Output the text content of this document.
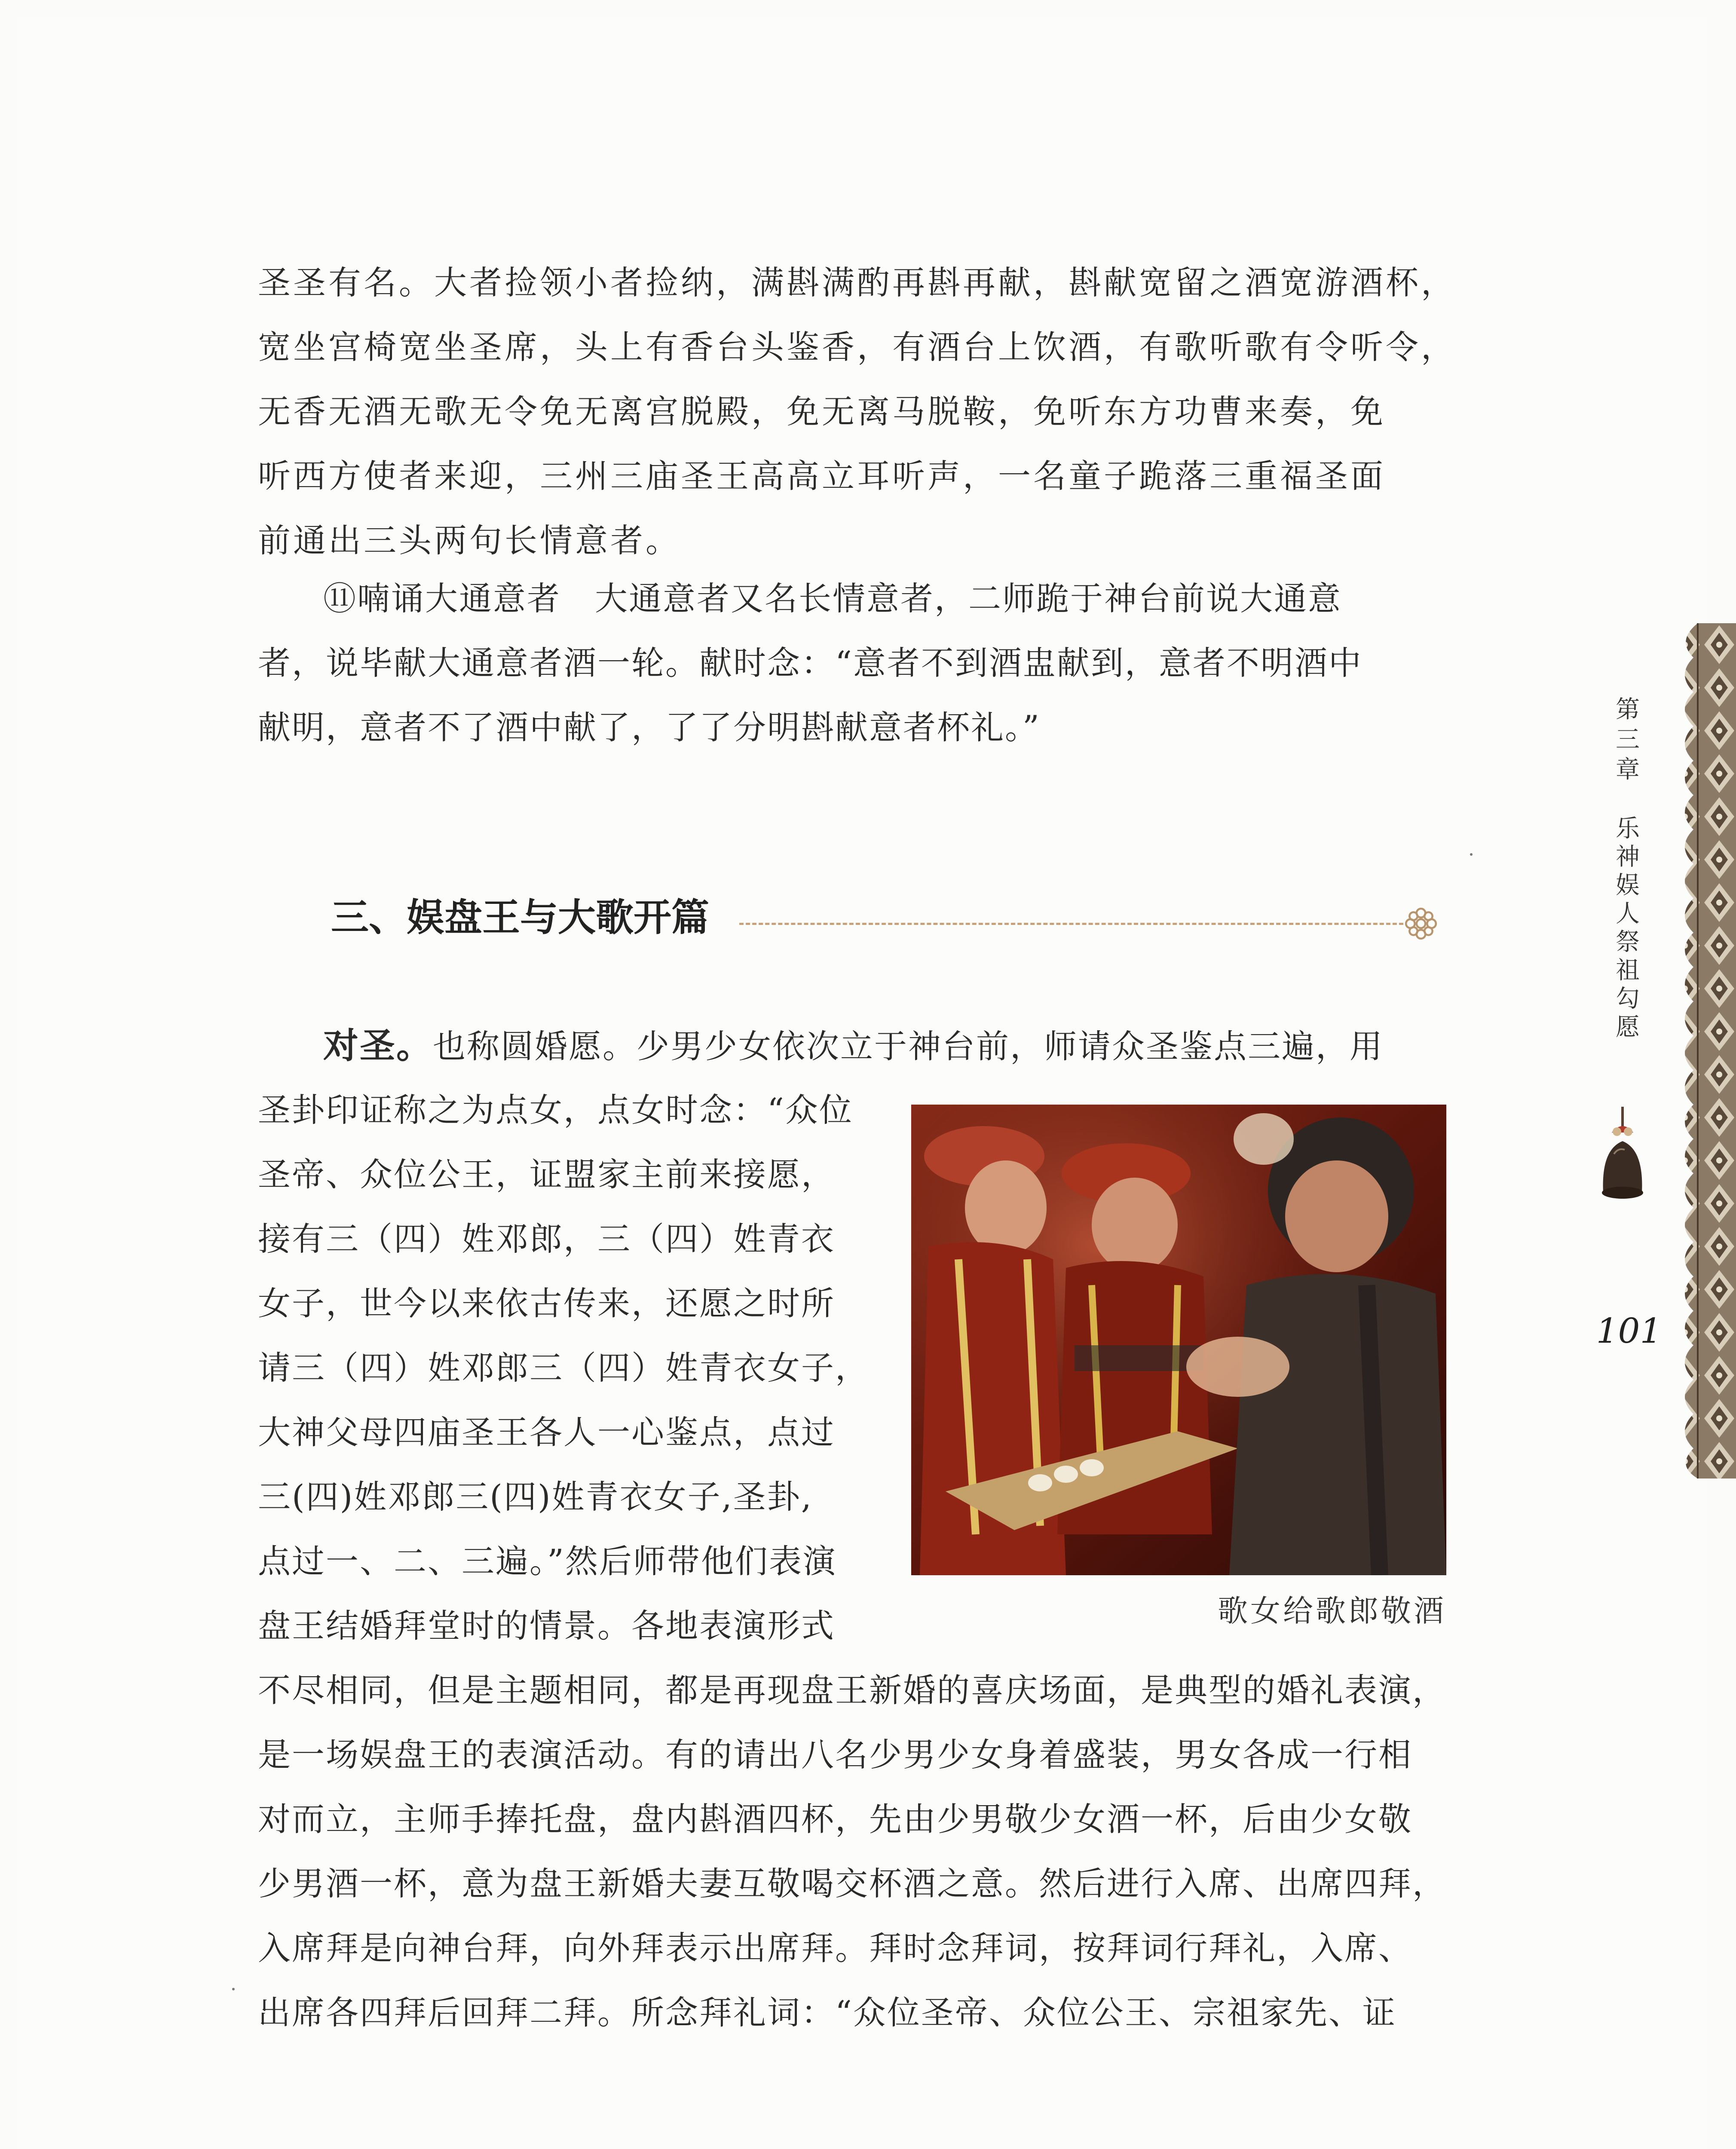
圣圣有名。大者捡领小者捡纳，满斟满酌再斟再献，斟献宽留之酒宽游酒杯，
宽坐宫椅宽坐圣席，头上有香台头鉴香，有酒台上饮酒，有歌听歌有令听令，
无香无酒无歌无令免无离宫脱殿，免无离马脱鞍，免听东方功曹来奏，免
听西方使者来迎，三州三庙圣王高高立耳听声，一名童子跪落三重福圣面
前通出三头两句长情意者。
⑪喃诵大通意者　大通意者又名长情意者，二师跪于神台前说大通意
者，说毕献大通意者酒一轮。献时念：“意者不到酒盅献到，意者不明酒中
献明，意者不了酒中献了，了了分明斟献意者杯礼。”
三、娱盘王与大歌开篇
对圣。也称圆婚愿。少男少女依次立于神台前，师请众圣鉴点三遍，用
圣卦印证称之为点女，点女时念：“众位
圣帝、众位公王，证盟家主前来接愿，
接有三（四）姓邓郎，三（四）姓青衣
女子，世今以来依古传来，还愿之时所
请三（四）姓邓郎三（四）姓青衣女子，
大神父母四庙圣王各人一心鉴点，点过
三(四)姓邓郎三(四)姓青衣女子,圣卦,
点过一、二、三遍。”然后师带他们表演
盘王结婚拜堂时的情景。各地表演形式	歌女给歌郎敬酒
不尽相同，但是主题相同，都是再现盘王新婚的喜庆场面，是典型的婚礼表演，
是一场娱盘王的表演活动。有的请出八名少男少女身着盛装，男女各成一行相
对而立，主师手捧托盘，盘内斟酒四杯，先由少男敬少女酒一杯，后由少女敬
少男酒一杯，意为盘王新婚夫妻互敬喝交杯酒之意。然后进行入席、出席四拜，
入席拜是向神台拜，向外拜表示出席拜。拜时念拜词，按拜词行拜礼，入席、
出席各四拜后回拜二拜。所念拜礼词：“众位圣帝、众位公王、宗祖家先、证
第三章
乐神娱人祭祖勾愿
101
